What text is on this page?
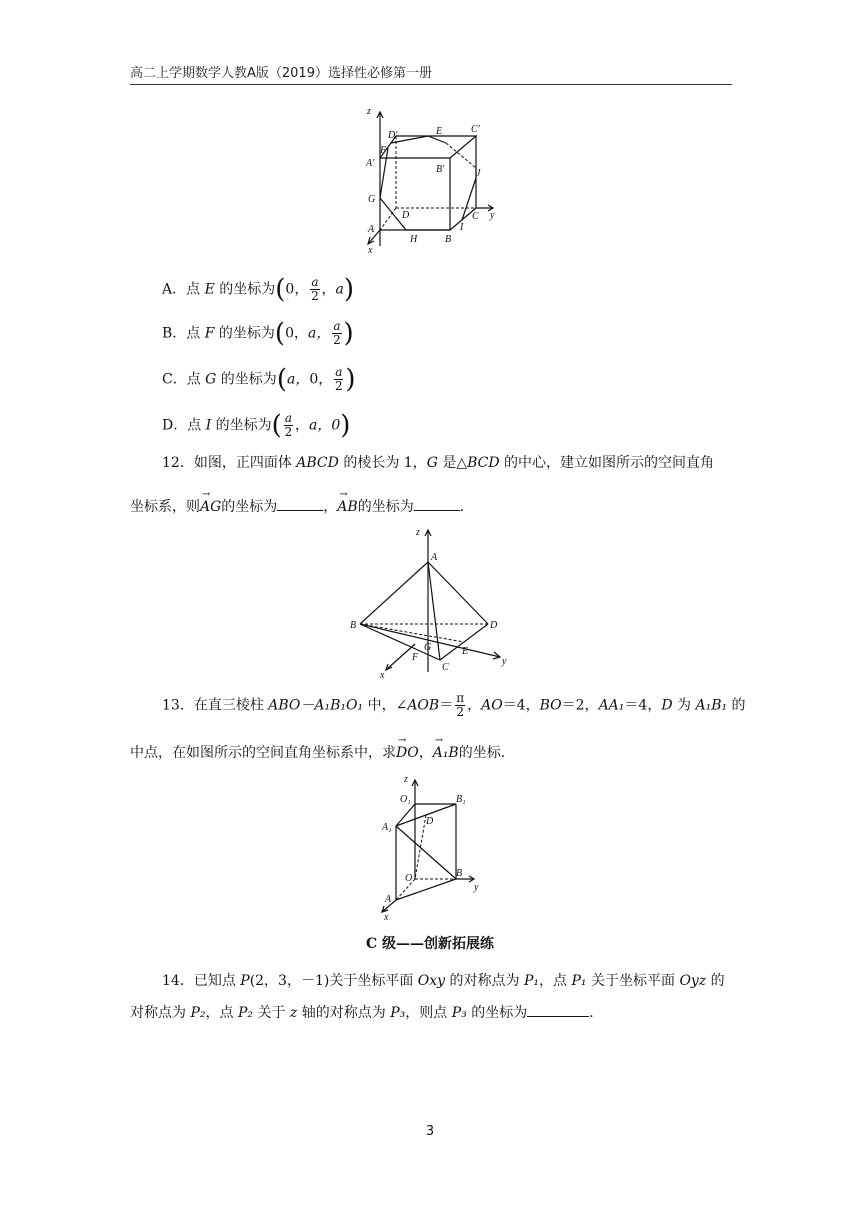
高二上学期数学人教A版（2019）选择性必修第一册
z
E
D′
C′
F
A′
B′	J
G
D	C
I
y
A
H	B
x
A．点 E 的坐标为(0， $\frac{a}{2}$ ，a)
B．点 F 的坐标为(0，a， $\frac{a}{2}$ )
C．点 G 的坐标为(a，0， $\frac{a}{2}$ )
D．点 I 的坐标为( $\frac{a}{2}$ ，a，0)
12．如图，正四面体 ABCD 的棱长为 1，G 是△BCD 的中心，建立如图所示的空间直角
坐标系，则→ AG的坐标为	，→ AB的坐标为	．
z
A
B	D
G	E
F
C
y
x
13．在直三棱柱 ABO－A₁B₁O₁ 中，∠AOB＝ $\frac{\pi}{2}$ ，AO＝4，BO＝2，AA₁＝4，D 为 A₁B₁ 的
中点，在如图所示的空间直角坐标系中，求→ DO，→ A₁B的坐标．
z
O₁	B₁
A₁
D
O	B
y
A
x
C 级——创新拓展练
14．已知点 P(2，3，－1)关于坐标平面 Oxy 的对称点为 P₁，点 P₁ 关于坐标平面 Oyz 的
对称点为 P₂，点 P₂ 关于 z 轴的对称点为 P₃，则点 P₃ 的坐标为	．
3
